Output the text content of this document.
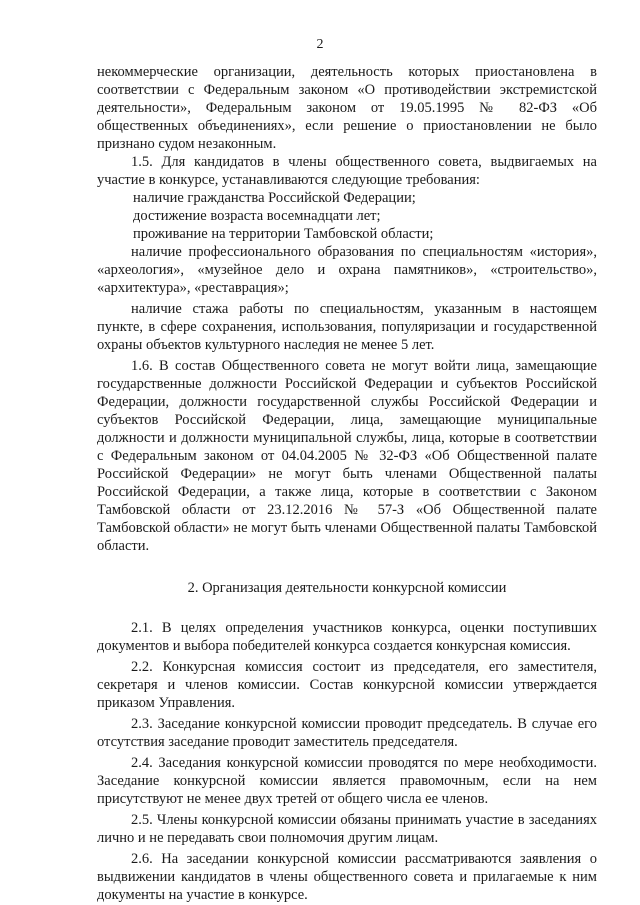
2

некоммерческие организации, деятельность которых приостановлена в соответствии с Федеральным законом «О противодействии экстремистской деятельности», Федеральным законом от 19.05.1995 № 82-ФЗ «Об общественных объединениях», если решение о приостановлении не было признано судом незаконным.

1.5. Для кандидатов в члены общественного совета, выдвигаемых на участие в конкурсе, устанавливаются следующие требования:

наличие гражданства Российской Федерации;

достижение возраста восемнадцати лет;

проживание на территории Тамбовской области;

наличие профессионального образования по специальностям «история», «археология», «музейное дело и охрана памятников», «строительство», «архитектура», «реставрация»;

наличие стажа работы по специальностям, указанным в настоящем пункте, в сфере сохранения, использования, популяризации и государственной охраны объектов культурного наследия не менее 5 лет.

1.6. В состав Общественного совета не могут войти лица, замещающие государственные должности Российской Федерации и субъектов Российской Федерации, должности государственной службы Российской Федерации и субъектов Российской Федерации, лица, замещающие муниципальные должности и должности муниципальной службы, лица, которые в соответствии с Федеральным законом от 04.04.2005 № 32-ФЗ «Об Общественной палате Российской Федерации» не могут быть членами Общественной палаты Российской Федерации, а также лица, которые в соответствии с Законом Тамбовской области от 23.12.2016 № 57-З «Об Общественной палате Тамбовской области» не могут быть членами Общественной палаты Тамбовской области.

2. Организация деятельности конкурсной комиссии

2.1. В целях определения участников конкурса, оценки поступивших документов и выбора победителей конкурса создается конкурсная комиссия.

2.2. Конкурсная комиссия состоит из председателя, его заместителя, секретаря и членов комиссии. Состав конкурсной комиссии утверждается приказом Управления.

2.3. Заседание конкурсной комиссии проводит председатель. В случае его отсутствия заседание проводит заместитель председателя.

2.4. Заседания конкурсной комиссии проводятся по мере необходимости. Заседание конкурсной комиссии является правомочным, если на нем присутствуют не менее двух третей от общего числа ее членов.

2.5. Члены конкурсной комиссии обязаны принимать участие в заседаниях лично и не передавать свои полномочия другим лицам.

2.6. На заседании конкурсной комиссии рассматриваются заявления о выдвижении кандидатов в члены общественного совета и прилагаемые к ним документы на участие в конкурсе.
